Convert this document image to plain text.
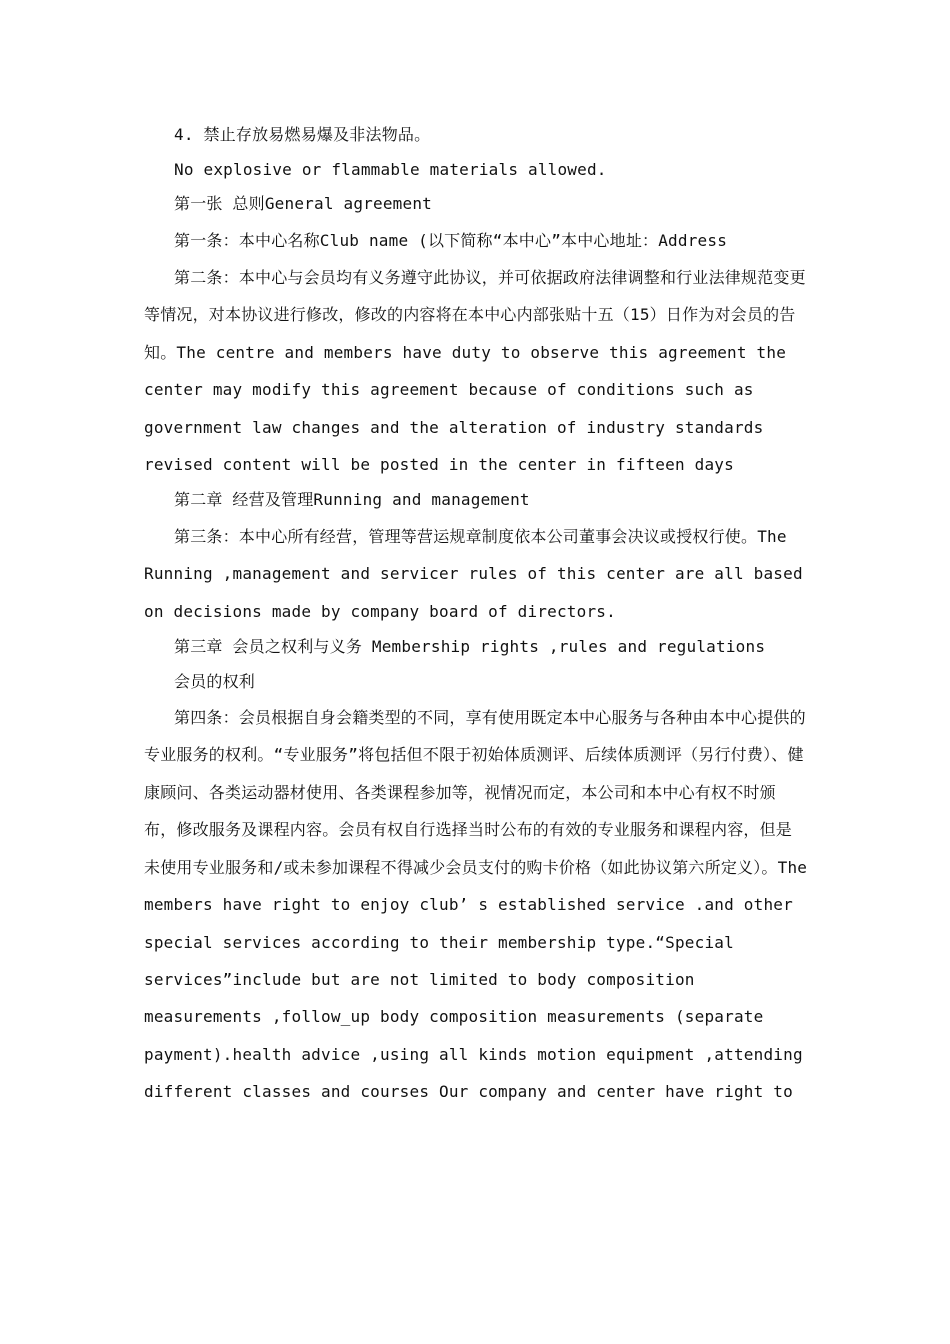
4. 禁止存放易燃易爆及非法物品。

No explosive or flammable materials allowed.

第一张 总则General agreement

第一条：本中心名称Club name (以下简称“本中心”本中心地址：Address

第二条：本中心与会员均有义务遵守此协议，并可依据政府法律调整和行业法律规范变更等情况，对本协议进行修改，修改的内容将在本中心内部张贴十五（15）日作为对会员的告知。The centre and members have duty to observe this agreement the center may modify this agreement because of conditions such as government law changes and the alteration of industry standards revised content will be posted in the center in fifteen days

第二章 经营及管理Running and management

第三条：本中心所有经营，管理等营运规章制度依本公司董事会决议或授权行使。The Running ,management and servicer rules of this center are all based on decisions made by company board of directors.

第三章 会员之权利与义务 Membership rights ,rules and regulations

会员的权利

第四条：会员根据自身会籍类型的不同，享有使用既定本中心服务与各种由本中心提供的专业服务的权利。“专业服务”将包括但不限于初始体质测评、后续体质测评（另行付费）、健康顾问、各类运动器材使用、各类课程参加等，视情况而定，本公司和本中心有权不时颁布，修改服务及课程内容。会员有权自行选择当时公布的有效的专业服务和课程内容，但是未使用专业服务和/或未参加课程不得减少会员支付的购卡价格（如此协议第六所定义）。The members have right to enjoy club’ s established service .and other special services according to their membership type.“Special services”include but are not limited to body composition measurements ,follow_up body composition measurements (separate payment).health advice ,using all kinds motion equipment ,attending different classes and courses Our company and center have right to
